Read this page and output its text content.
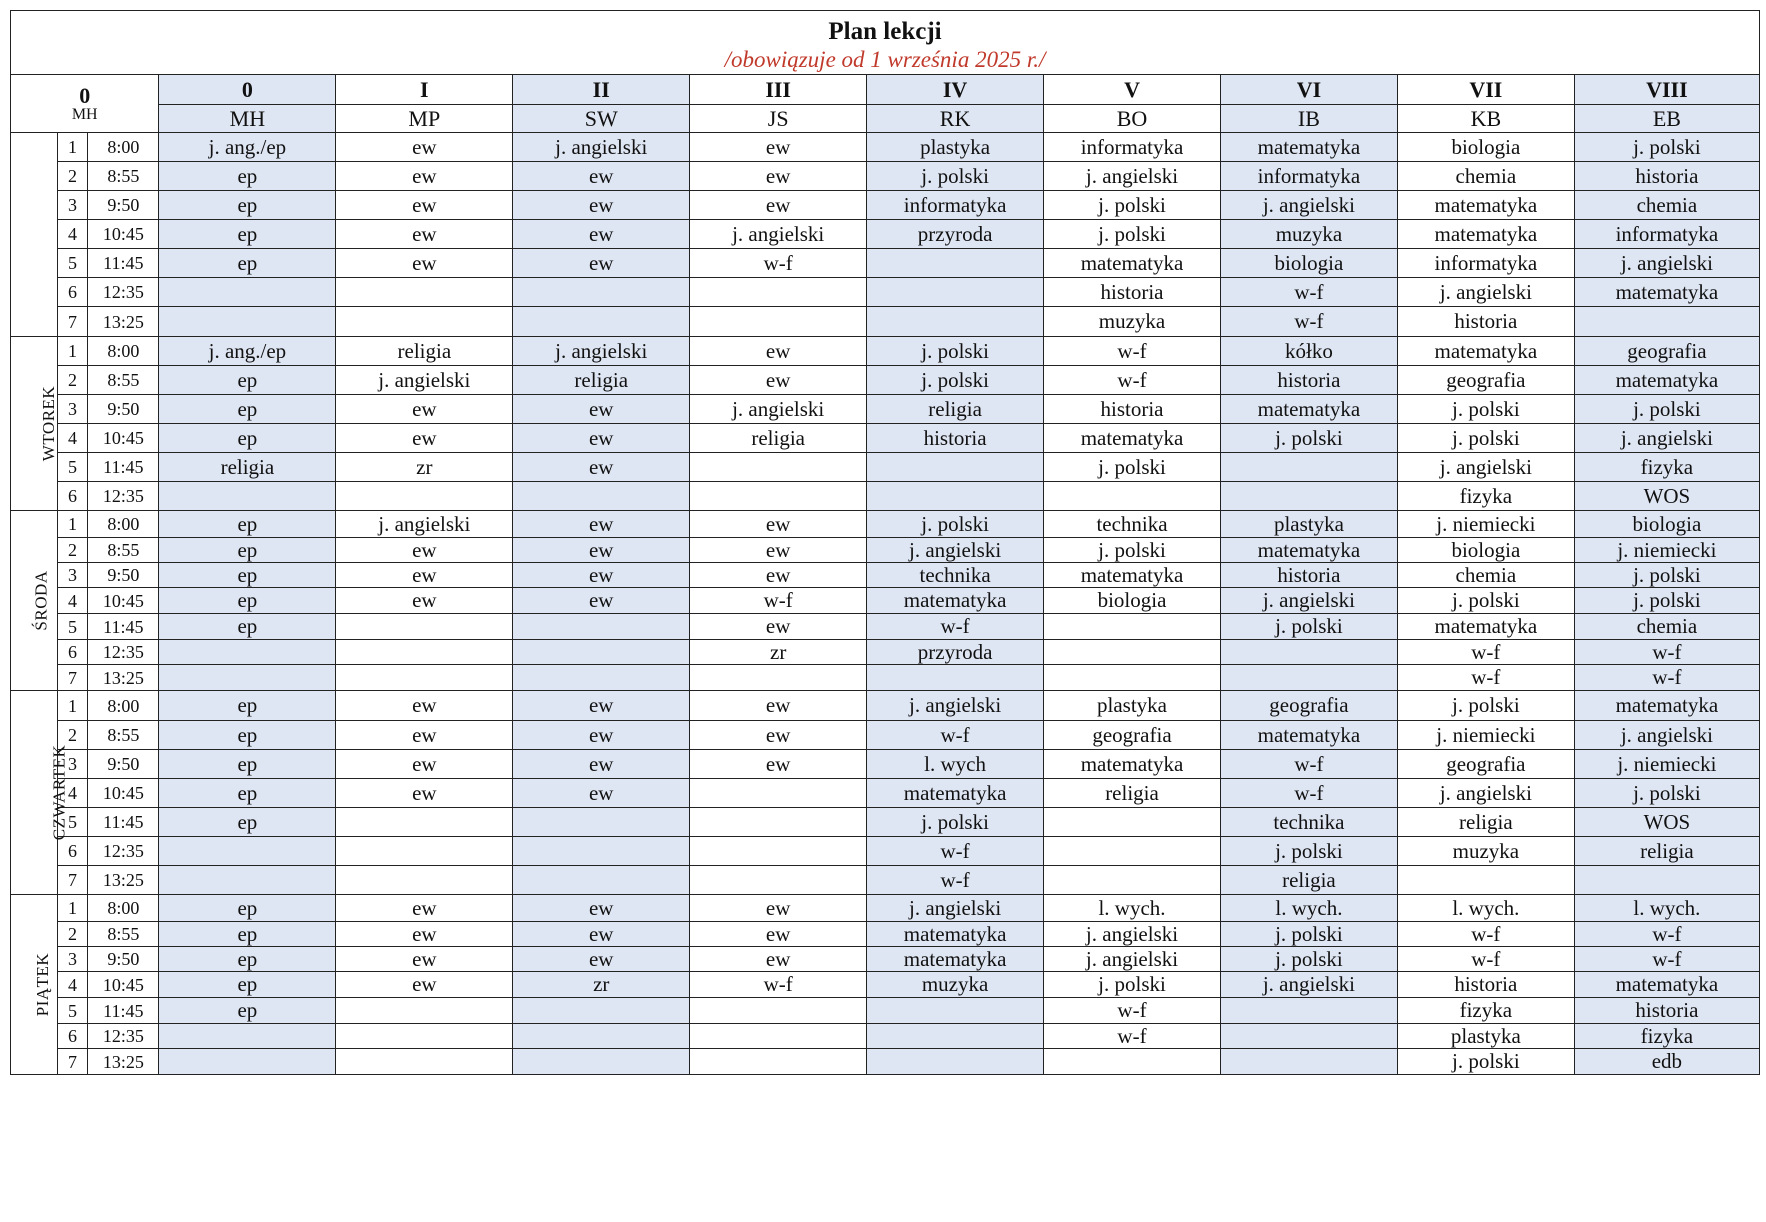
Plan lekcji
/obowiązuje od 1 września 2025 r./											

0
MH			0	I	II	III	IV	V	VI	VII	VIII
			MH	MP	SW	JS	RK	BO	IB	KB	EB
	1	8:00	j. ang./ep	ew	j. angielski	ew	plastyka	informatyka	matematyka	biologia	j. polski
	2	8:55	ep	ew	ew	ew	j. polski	j. angielski	informatyka	chemia	historia
	3	9:50	ep	ew	ew	ew	informatyka	j. polski	j. angielski	matematyka	chemia
	4	10:45	ep	ew	ew	j. angielski	przyroda	j. polski	muzyka	matematyka	informatyka
	5	11:45	ep	ew	ew	w-f		matematyka	biologia	informatyka	j. angielski
	6	12:35						historia	w-f	j. angielski	matematyka
	7	13:25						muzyka	w-f	historia	
WTOREK	1	8:00	j. ang./ep	religia	j. angielski	ew	j. polski	w-f	kółko	matematyka	geografia
	2	8:55	ep	j. angielski	religia	ew	j. polski	w-f	historia	geografia	matematyka
	3	9:50	ep	ew	ew	j. angielski	religia	historia	matematyka	j. polski	j. polski
	4	10:45	ep	ew	ew	religia	historia	matematyka	j. polski	j. polski	j. angielski
	5	11:45	religia	zr	ew			j. polski		j. angielski	fizyka
	6	12:35								fizyka	WOS
ŚRODA	1	8:00	ep	j. angielski	ew	ew	j. polski	technika	plastyka	j. niemiecki	biologia
	2	8:55	ep	ew	ew	ew	j. angielski	j. polski	matematyka	biologia	j. niemiecki
	3	9:50	ep	ew	ew	ew	technika	matematyka	historia	chemia	j. polski
	4	10:45	ep	ew	ew	w-f	matematyka	biologia	j. angielski	j. polski	j. polski
	5	11:45	ep			ew	w-f		j. polski	matematyka	chemia
	6	12:35				zr	przyroda			w-f	w-f
	7	13:25								w-f	w-f
CZWARTEK	1	8:00	ep	ew	ew	ew	j. angielski	plastyka	geografia	j. polski	matematyka
	2	8:55	ep	ew	ew	ew	w-f	geografia	matematyka	j. niemiecki	j. angielski
	3	9:50	ep	ew	ew	ew	l. wych	matematyka	w-f	geografia	j. niemiecki
	4	10:45	ep	ew	ew		matematyka	religia	w-f	j. angielski	j. polski
	5	11:45	ep				j. polski		technika	religia	WOS
	6	12:35					w-f		j. polski	muzyka	religia
	7	13:25					w-f		religia		
PIĄTEK	1	8:00	ep	ew	ew	ew	j. angielski	l. wych.	l. wych.	l. wych.	l. wych.
	2	8:55	ep	ew	ew	ew	matematyka	j. angielski	j. polski	w-f	w-f
	3	9:50	ep	ew	ew	ew	matematyka	j. angielski	j. polski	w-f	w-f
	4	10:45	ep	ew	zr	w-f	muzyka	j. polski	j. angielski	historia	matematyka
	5	11:45	ep					w-f		fizyka	historia
	6	12:35						w-f		plastyka	fizyka
	7	13:25								j. polski	edb
